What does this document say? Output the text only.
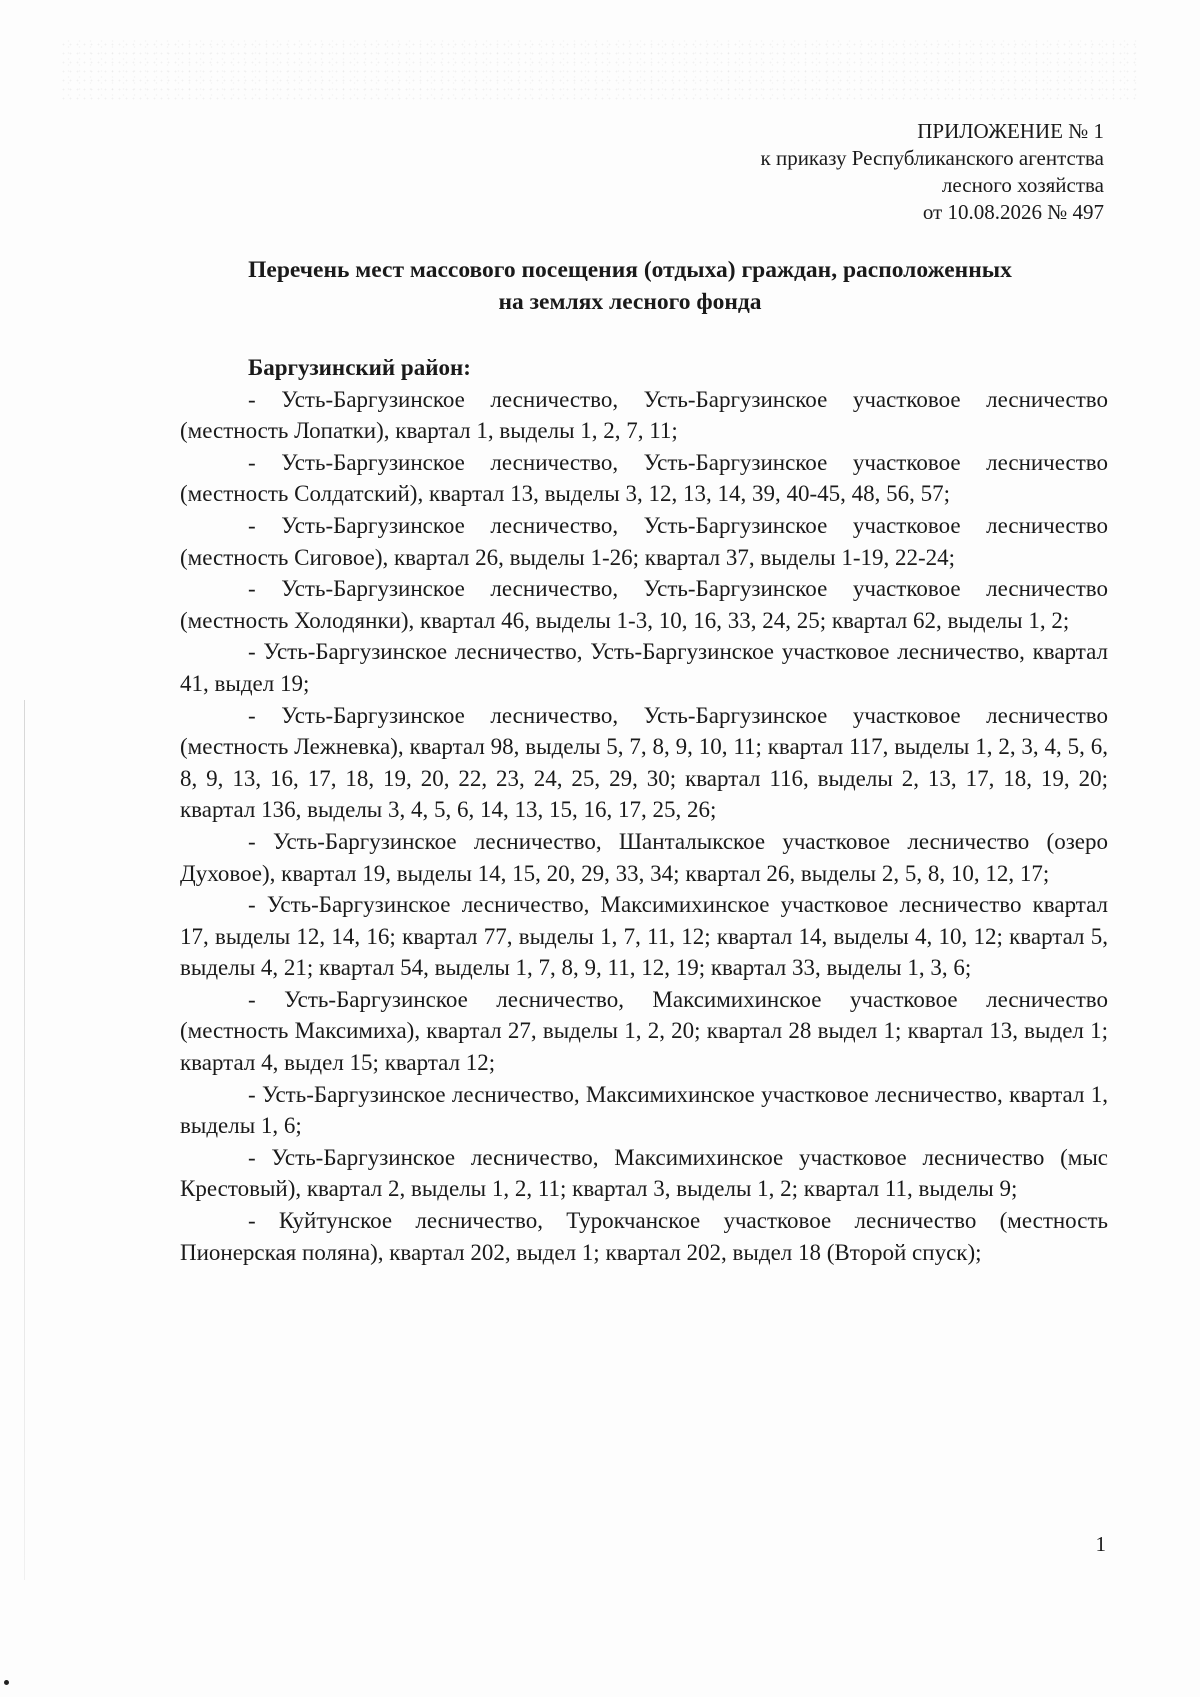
ПРИЛОЖЕНИЕ № 1
к приказу Республиканского агентства
лесного хозяйства
от 10.08.2026 № 497
Перечень мест массового посещения (отдыха) граждан, расположенных
на землях лесного фонда
Баргузинский район:

- Усть-Баргузинское лесничество, Усть-Баргузинское участковое лесничество (местность Лопатки), квартал 1, выделы 1, 2, 7, 11;

- Усть-Баргузинское лесничество, Усть-Баргузинское участковое лесничество (местность Солдатский), квартал 13, выделы 3, 12, 13, 14, 39, 40-45, 48, 56, 57;

- Усть-Баргузинское лесничество, Усть-Баргузинское участковое лесничество (местность Сиговое), квартал 26, выделы 1-26; квартал 37, выделы 1-19, 22-24;

- Усть-Баргузинское лесничество, Усть-Баргузинское участковое лесничество (местность Холодянки), квартал 46, выделы 1-3, 10, 16, 33, 24, 25; квартал 62, выделы 1, 2;

- Усть-Баргузинское лесничество, Усть-Баргузинское участковое лесничество, квартал 41, выдел 19;

- Усть-Баргузинское лесничество, Усть-Баргузинское участковое лесничество (местность Лежневка), квартал 98, выделы 5, 7, 8, 9, 10, 11; квартал 117, выделы 1, 2, 3, 4, 5, 6, 8, 9, 13, 16, 17, 18, 19, 20, 22, 23, 24, 25, 29, 30; квартал 116, выделы 2, 13, 17, 18, 19, 20; квартал 136, выделы 3, 4, 5, 6, 14, 13, 15, 16, 17, 25, 26;

- Усть-Баргузинское лесничество, Шанталыкское участковое лесничество (озеро Духовое), квартал 19, выделы 14, 15, 20, 29, 33, 34; квартал 26, выделы 2, 5, 8, 10, 12, 17;

- Усть-Баргузинское лесничество, Максимихинское участковое лесничество квартал 17, выделы 12, 14, 16; квартал 77, выделы 1, 7, 11, 12; квартал 14, выделы 4, 10, 12; квартал 5, выделы 4, 21; квартал 54, выделы 1, 7, 8, 9, 11, 12, 19; квартал 33, выделы 1, 3, 6;

- Усть-Баргузинское лесничество, Максимихинское участковое лесничество (местность Максимиха), квартал 27, выделы 1, 2, 20; квартал 28 выдел 1; квартал 13, выдел 1; квартал 4, выдел 15; квартал 12;

- Усть-Баргузинское лесничество, Максимихинское участковое лесничество, квартал 1, выделы 1, 6;

- Усть-Баргузинское лесничество, Максимихинское участковое лесничество (мыс Крестовый), квартал 2, выделы 1, 2, 11; квартал 3, выделы 1, 2; квартал 11, выделы 9;

- Куйтунское лесничество, Турокчанское участковое лесничество (местность Пионерская поляна), квартал 202, выдел 1; квартал 202, выдел 18 (Второй спуск);

1
